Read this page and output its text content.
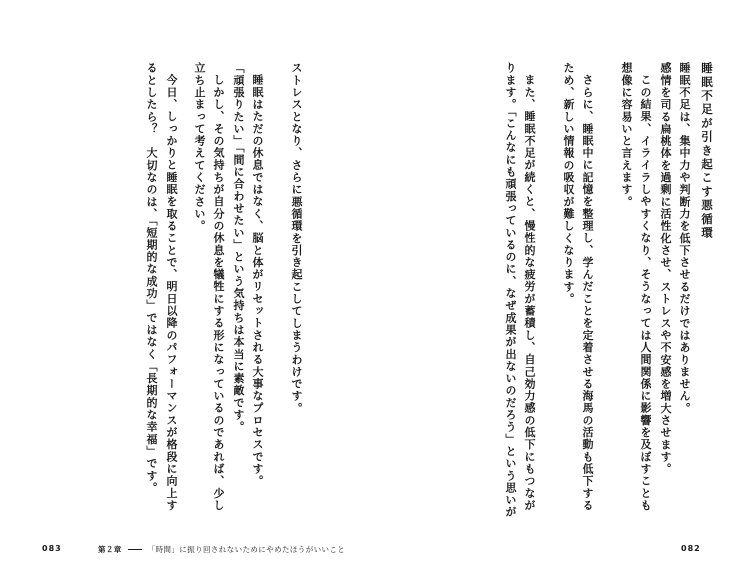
睡眠不足が引き起こす悪循環
睡眠不足は、集中力や判断力を低下させるだけではありません。
感情を司る扁桃体を過剰に活性化させ、ストレスや不安感を増大させます。
この結果、イライラしやすくなり、そうなっては人間関係に影響を及ぼすことも
想像に容易いと言えます。
さらに、睡眠中に記憶を整理し、学んだことを定着させる海馬の活動も低下する
ため、新しい情報の吸収が難しくなります。
また、睡眠不足が続くと、慢性的な疲労が蓄積し、自己効力感の低下にもつなが
ります。「こんなにも頑張っているのに、なぜ成果が出ないのだろう」という思いが
082
ストレスとなり、さらに悪循環を引き起こしてしまうわけです。
睡眠はただの休息ではなく、脳と体がリセットされる大事なプロセスです。
「頑張りたい」「間に合わせたい」という気持ちは本当に素敵です。
しかし、その気持ちが自分の休息を犠牲にする形になっているのであれば、少し
立ち止まって考えてください。
今日、しっかりと睡眠を取ることで、明日以降のパフォーマンスが格段に向上す
るとしたら？　大切なのは、「短期的な成功」ではなく「長期的な幸福」です。
083	第２章	「時間」に振り回されないためにやめたほうがいいこと
